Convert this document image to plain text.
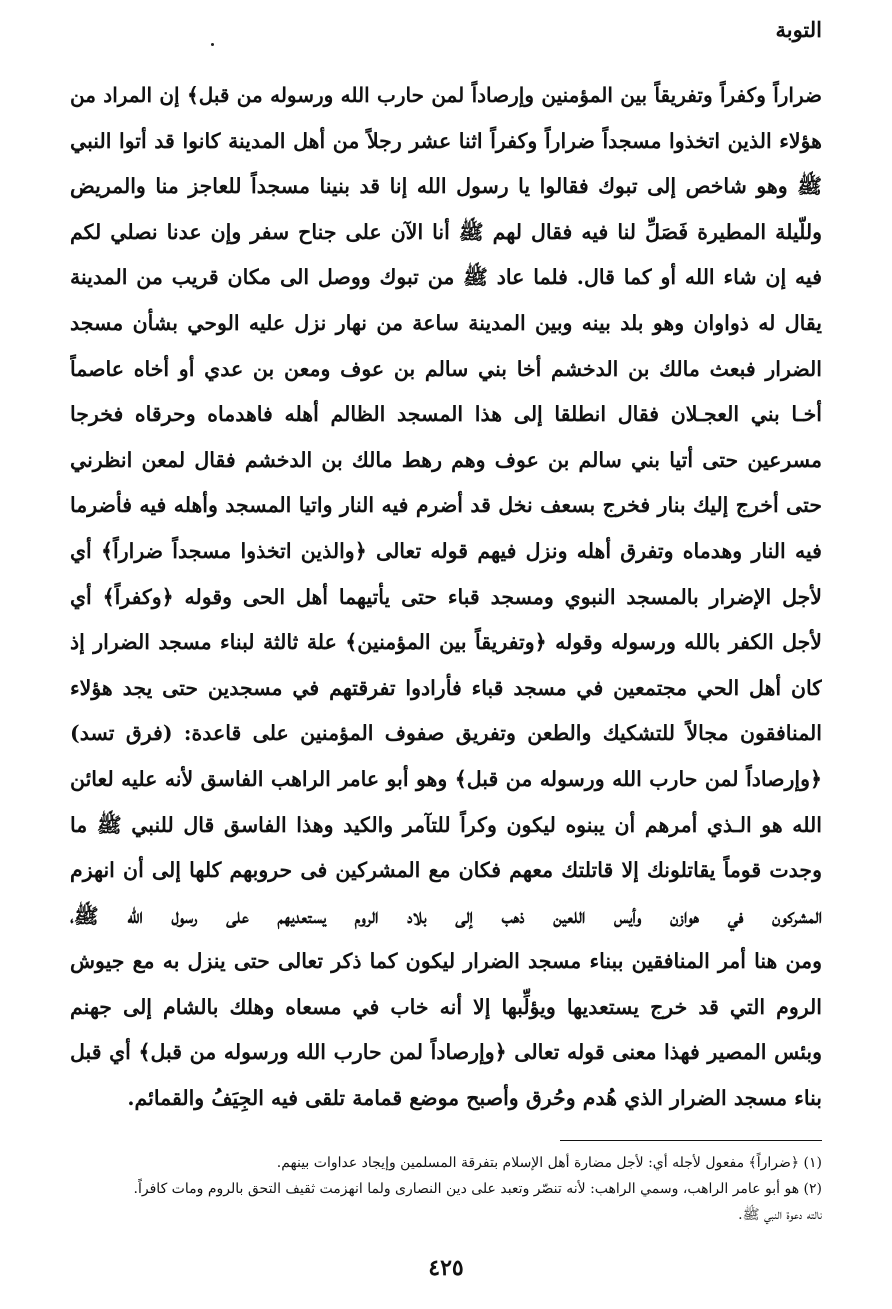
التوبة
ضراراً وكفراً وتفريقاً بين المؤمنين وإرصاداً لمن حارب الله ورسوله من قبل﴾ إن المراد من
هؤلاء الذين اتخذوا مسجداً ضراراً وكفراً اثنا عشر رجلاً من أهل المدينة كانوا قد أتوا النبي
ﷺ وهو شاخص إلى تبوك فقالوا يا رسول الله إنا قد بنينا مسجداً للعاجز منا والمريض
وللّيلة المطيرة فَصَلِّ لنا فيه فقال لهم ﷺ أنا الآن على جناح سفر وإن عدنا نصلي لكم
فيه إن شاء الله أو كما قال. فلما عاد ﷺ من تبوك ووصل الى مكان قريب من المدينة
يقال له ذواوان وهو بلد بينه وبين المدينة ساعة من نهار نزل عليه الوحي بشأن مسجد
الضرار فبعث مالك بن الدخشم أخا بني سالم بن عوف ومعن بن عدي أو أخاه عاصماً
أخـا بني العجـلان فقال انطلقا إلى هذا المسجد الظالم أهله فاهدماه وحرقاه فخرجا
مسرعين حتى أتيا بني سالم بن عوف وهم رهط مالك بن الدخشم فقال لمعن انظرني
حتى أخرج إليك بنار فخرج بسعف نخل قد أضرم فيه النار واتيا المسجد وأهله فيه فأضرما
فيه النار وهدماه وتفرق أهله ونزل فيهم قوله تعالى ﴿والذين اتخذوا مسجداً ضراراً﴾ أي
لأجل الإضرار بالمسجد النبوي ومسجد قباء حتى يأتيهما أهل الحى وقوله ﴿وكفراً﴾ أي
لأجل الكفر بالله ورسوله وقوله ﴿وتفريقاً بين المؤمنين﴾ علة ثالثة لبناء مسجد الضرار إذ
كان أهل الحي مجتمعين في مسجد قباء فأرادوا تفرقتهم في مسجدين حتى يجد هؤلاء
المنافقون مجالاً للتشكيك والطعن وتفريق صفوف المؤمنين على قاعدة: (فرق تسد)
﴿وإرصاداً لمن حارب الله ورسوله من قبل﴾ وهو أبو عامر الراهب الفاسق لأنه عليه لعائن
الله هو الـذي أمرهم أن يبنوه ليكون وكراً للتآمر والكيد وهذا الفاسق قال للنبي ﷺ ما
وجدت قوماً يقاتلونك إلا قاتلتك معهم فكان مع المشركين فى حروبهم كلها إلى أن انهزم
المشركون في هوازن وأيس اللعين ذهب إلى بلاد الروم يستعديهم على رسول الله ﷺ،
ومن هنا أمر المنافقين ببناء مسجد الضرار ليكون كما ذكر تعالى حتى ينزل به مع جيوش
الروم التي قد خرج يستعديها ويؤلِّبها إلا أنه خاب في مسعاه وهلك بالشام إلى جهنم
وبئس المصير فهذا معنى قوله تعالى ﴿وإرصاداً لمن حارب الله ورسوله من قبل﴾ أي قبل
بناء مسجد الضرار الذي هُدم وحُرق وأصبح موضع قمامة تلقى فيه الجِيَفُ والقمائم.
(١) ﴿ضراراً﴾ مفعول لأجله أي: لأجل مضارة أهل الإسلام بتفرقة المسلمين وإيجاد عداوات بينهم.
(٢) هو أبو عامر الراهب، وسمي الراهب: لأنه تنصّر وتعبد على دين النصارى ولما انهزمت ثقيف التحق بالروم ومات كافراً.
نالته دعوة النبي ﷺ.
٤٢٥
